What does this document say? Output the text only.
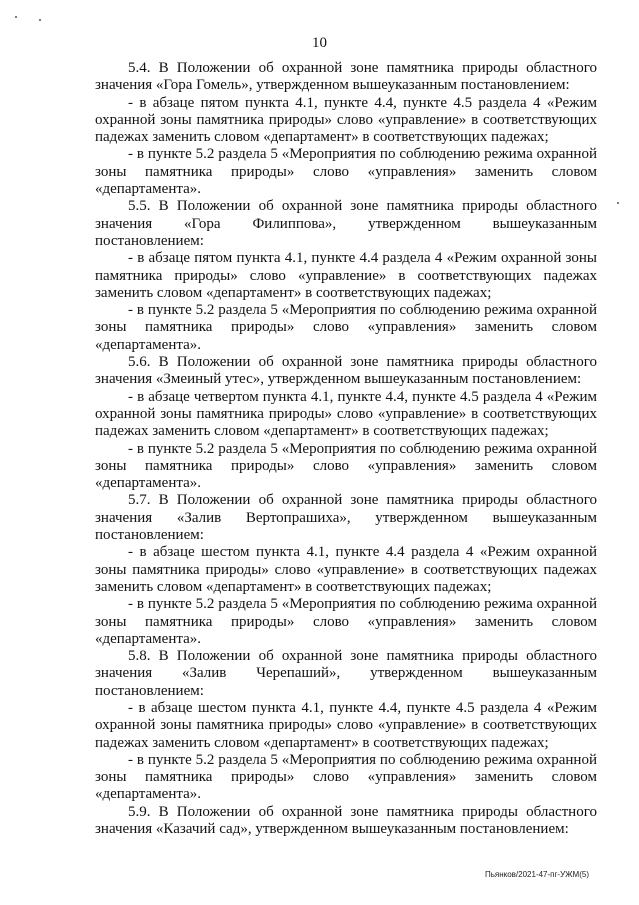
10

5.4. В Положении об охранной зоне памятника природы областного значения «Гора Гомель», утвержденном вышеуказанным постановлением:

- в абзаце пятом пункта 4.1, пункте 4.4, пункте 4.5 раздела 4 «Режим охранной зоны памятника природы» слово «управление» в соответствующих падежах заменить словом «департамент» в соответствующих падежах;

- в пункте 5.2 раздела 5 «Мероприятия по соблюдению режима охранной зоны памятника природы» слово «управления» заменить словом «департамента».

5.5. В Положении об охранной зоне памятника природы областного значения «Гора Филиппова», утвержденном вышеуказанным постановлением:

- в абзаце пятом пункта 4.1, пункте 4.4 раздела 4 «Режим охранной зоны памятника природы» слово «управление» в соответствующих падежах заменить словом «департамент» в соответствующих падежах;

- в пункте 5.2 раздела 5 «Мероприятия по соблюдению режима охранной зоны памятника природы» слово «управления» заменить словом «департамента».

5.6. В Положении об охранной зоне памятника природы областного значения «Змеиный утес», утвержденном вышеуказанным постановлением:

- в абзаце четвертом пункта 4.1, пункте 4.4, пункте 4.5 раздела 4 «Режим охранной зоны памятника природы» слово «управление» в соответствующих падежах заменить словом «департамент» в соответствующих падежах;

- в пункте 5.2 раздела 5 «Мероприятия по соблюдению режима охранной зоны памятника природы» слово «управления» заменить словом «департамента».

5.7. В Положении об охранной зоне памятника природы областного значения «Залив Вертопрашиха», утвержденном вышеуказанным постановлением:

- в абзаце шестом пункта 4.1, пункте 4.4 раздела 4 «Режим охранной зоны памятника природы» слово «управление» в соответствующих падежах заменить словом «департамент» в соответствующих падежах;

- в пункте 5.2 раздела 5 «Мероприятия по соблюдению режима охранной зоны памятника природы» слово «управления» заменить словом «департамента».

5.8. В Положении об охранной зоне памятника природы областного значения «Залив Черепаший», утвержденном вышеуказанным постановлением:

- в абзаце шестом пункта 4.1, пункте 4.4, пункте 4.5 раздела 4 «Режим охранной зоны памятника природы» слово «управление» в соответствующих падежах заменить словом «департамент» в соответствующих падежах;

- в пункте 5.2 раздела 5 «Мероприятия по соблюдению режима охранной зоны памятника природы» слово «управления» заменить словом «департамента».

5.9. В Положении об охранной зоне памятника природы областного значения «Казачий сад», утвержденном вышеуказанным постановлением:

Пьянков/2021-47-пг-УЖМ(5)
